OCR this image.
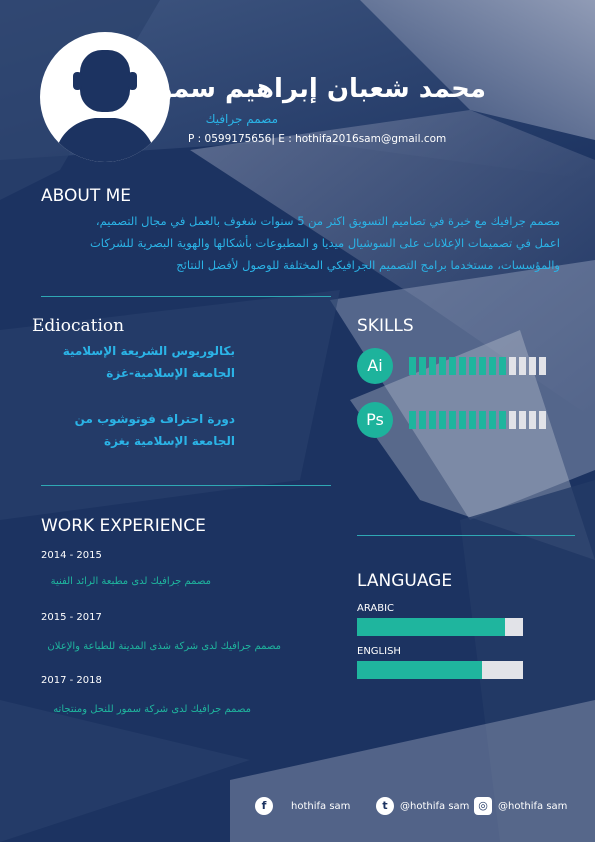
محمد شعبان إبراهيم سمور
مصمم جرافيك
P : 0599175656| E : hothifa2016sam@gmail.com
ABOUT ME
مصمم جرافيك مع خبرة في تصاميم التسويق اكثر من 5 سنوات شغوف بالعمل في مجال التصميم،
اعمل في تصميمات الإعلانات على السوشيال ميديا و المطبوعات بأشكالها والهوية البصرية للشركات
والمؤسسات، مستخدما برامج التصميم الجرافيكي المختلفة للوصول لأفضل النتائج
Ediocation
بكالوريوس الشريعة الإسلامية
الجامعة الإسلامية-غزة
دورة احتراف فوتوشوب من
الجامعة الإسلامية بغزة
SKILLS
Ai
Ps
WORK EXPERIENCE
2014 - 2015
مصمم جرافيك لدى مطبعة الرائد الفنية
2015 - 2017
مصمم جرافيك لدى شركة شذى المدينة للطباعة والإعلان
2017 - 2018
مصمم جرافيك لدى شركة سمور للنحل ومنتجاته
LANGUAGE
ARABIC
ENGLISH
f	hothifa sam	t	@hothifa sam ◎	@hothifa sam
